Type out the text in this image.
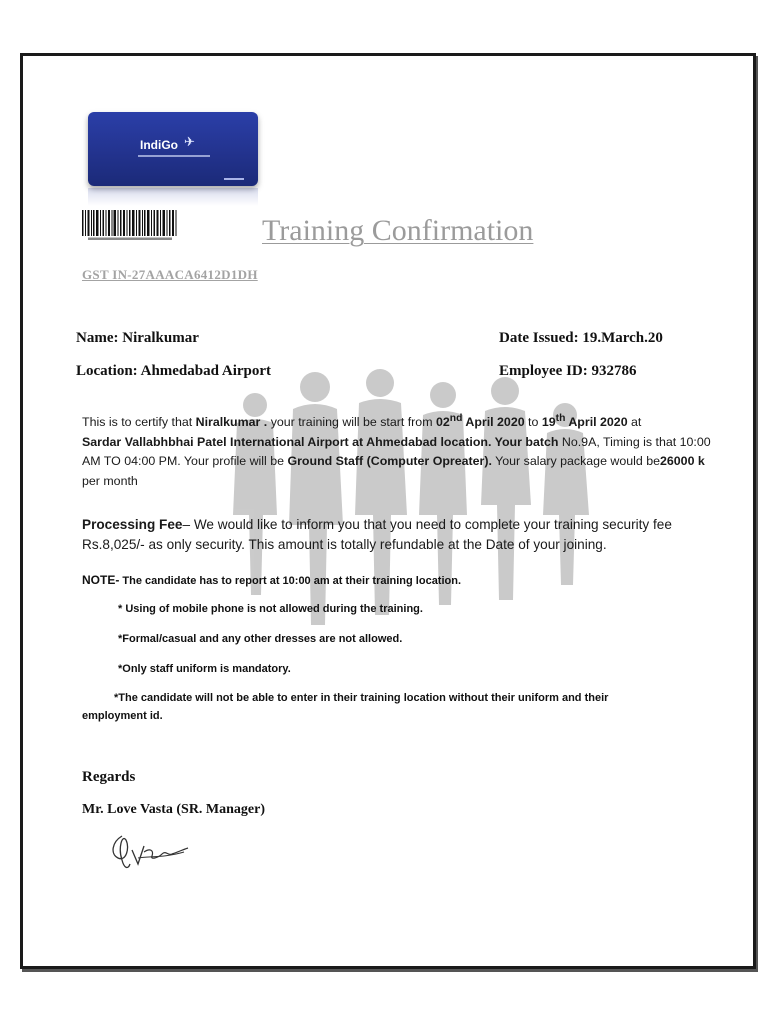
IndiGo ✈
Training Confirmation
GST IN-27AAACA6412D1DH
Name: Niralkumar	Date Issued: 19.March.20
Location: Ahmedabad Airport	Employee ID: 932786
This is to certify that Niralkumar . your training will be start from 02nd April 2020 to 19th April 2020 at
Sardar Vallabhbhai Patel International Airport at Ahmedabad location. Your batch No.9A, Timing is that 10:00 AM TO 04:00 PM. Your profile will be Ground Staff (Computer Opreater). Your salary package would be26000 k per month
Processing Fee– We would like to inform you that you need to complete your training security fee Rs.8,025/- as only security. This amount is totally refundable at the Date of your joining.
NOTE- The candidate has to report at 10:00 am at their training location.
* Using of mobile phone is not allowed during the training.
*Formal/casual and any other dresses are not allowed.
*Only staff uniform is mandatory.
*The candidate will not be able to enter in their training location without their uniform and their
employment id.
Regards
Mr. Love Vasta (SR. Manager)
